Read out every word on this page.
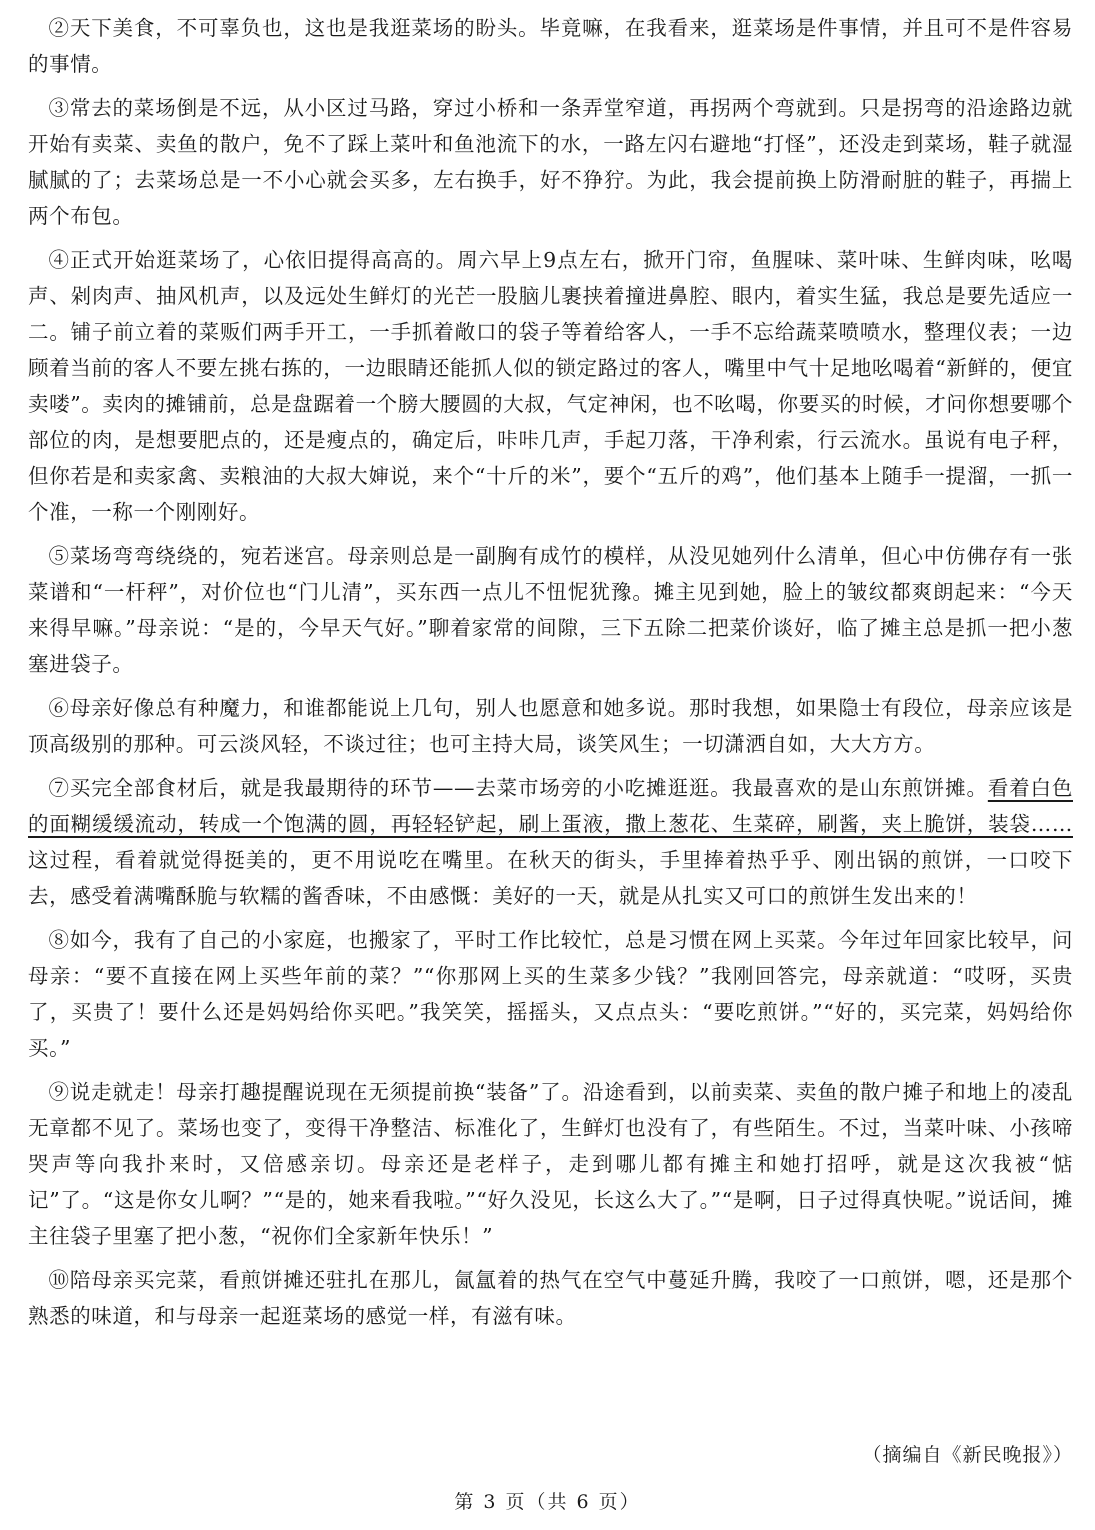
②天下美食，不可辜负也，这也是我逛菜场的盼头。毕竟嘛，在我看来，逛菜场是件事情，并且可不是件容易的事情。

③常去的菜场倒是不远，从小区过马路，穿过小桥和一条弄堂窄道，再拐两个弯就到。只是拐弯的沿途路边就开始有卖菜、卖鱼的散户，免不了踩上菜叶和鱼池流下的水，一路左闪右避地“打怪”，还没走到菜场，鞋子就湿腻腻的了；去菜场总是一不小心就会买多，左右换手，好不狰狞。为此，我会提前换上防滑耐脏的鞋子，再揣上两个布包。

④正式开始逛菜场了，心依旧提得高高的。周六早上9点左右，掀开门帘，鱼腥味、菜叶味、生鲜肉味，吆喝声、剁肉声、抽风机声，以及远处生鲜灯的光芒一股脑儿裹挟着撞进鼻腔、眼内，着实生猛，我总是要先适应一二。铺子前立着的菜贩们两手开工，一手抓着敞口的袋子等着给客人，一手不忘给蔬菜喷喷水，整理仪表；一边顾着当前的客人不要左挑右拣的，一边眼睛还能抓人似的锁定路过的客人，嘴里中气十足地吆喝着“新鲜的，便宜卖喽”。卖肉的摊铺前，总是盘踞着一个膀大腰圆的大叔，气定神闲，也不吆喝，你要买的时候，才问你想要哪个部位的肉，是想要肥点的，还是瘦点的，确定后，咔咔几声，手起刀落，干净利索，行云流水。虽说有电子秤，但你若是和卖家禽、卖粮油的大叔大婶说，来个“十斤的米”，要个“五斤的鸡”，他们基本上随手一提溜，一抓一个准，一称一个刚刚好。

⑤菜场弯弯绕绕的，宛若迷宫。母亲则总是一副胸有成竹的模样，从没见她列什么清单，但心中仿佛存有一张菜谱和“一杆秤”，对价位也“门儿清”，买东西一点儿不忸怩犹豫。摊主见到她，脸上的皱纹都爽朗起来：“今天来得早嘛。”母亲说：“是的，今早天气好。”聊着家常的间隙，三下五除二把菜价谈好，临了摊主总是抓一把小葱塞进袋子。

⑥母亲好像总有种魔力，和谁都能说上几句，别人也愿意和她多说。那时我想，如果隐士有段位，母亲应该是顶高级别的那种。可云淡风轻，不谈过往；也可主持大局，谈笑风生；一切潇洒自如，大大方方。

⑦买完全部食材后，就是我最期待的环节——去菜市场旁的小吃摊逛逛。我最喜欢的是山东煎饼摊。看着白色的面糊缓缓流动，转成一个饱满的圆，再轻轻铲起，刷上蛋液，撒上葱花、生菜碎，刷酱，夹上脆饼，装袋……这过程，看着就觉得挺美的，更不用说吃在嘴里。在秋天的街头，手里捧着热乎乎、刚出锅的煎饼，一口咬下去，感受着满嘴酥脆与软糯的酱香味，不由感慨：美好的一天，就是从扎实又可口的煎饼生发出来的！

⑧如今，我有了自己的小家庭，也搬家了，平时工作比较忙，总是习惯在网上买菜。今年过年回家比较早，问母亲：“要不直接在网上买些年前的菜？”“你那网上买的生菜多少钱？”我刚回答完，母亲就道：“哎呀，买贵了，买贵了！要什么还是妈妈给你买吧。”我笑笑，摇摇头，又点点头：“要吃煎饼。”“好的，买完菜，妈妈给你买。”

⑨说走就走！母亲打趣提醒说现在无须提前换“装备”了。沿途看到，以前卖菜、卖鱼的散户摊子和地上的凌乱无章都不见了。菜场也变了，变得干净整洁、标准化了，生鲜灯也没有了，有些陌生。不过，当菜叶味、小孩啼哭声等向我扑来时，又倍感亲切。母亲还是老样子，走到哪儿都有摊主和她打招呼，就是这次我被“惦记”了。“这是你女儿啊？”“是的，她来看我啦。”“好久没见，长这么大了。”“是啊，日子过得真快呢。”说话间，摊主往袋子里塞了把小葱，“祝你们全家新年快乐！”

⑩陪母亲买完菜，看煎饼摊还驻扎在那儿，氤氲着的热气在空气中蔓延升腾，我咬了一口煎饼，嗯，还是那个熟悉的味道，和与母亲一起逛菜场的感觉一样，有滋有味。

（摘编自《新民晚报》）
第 3 页（共 6 页）
